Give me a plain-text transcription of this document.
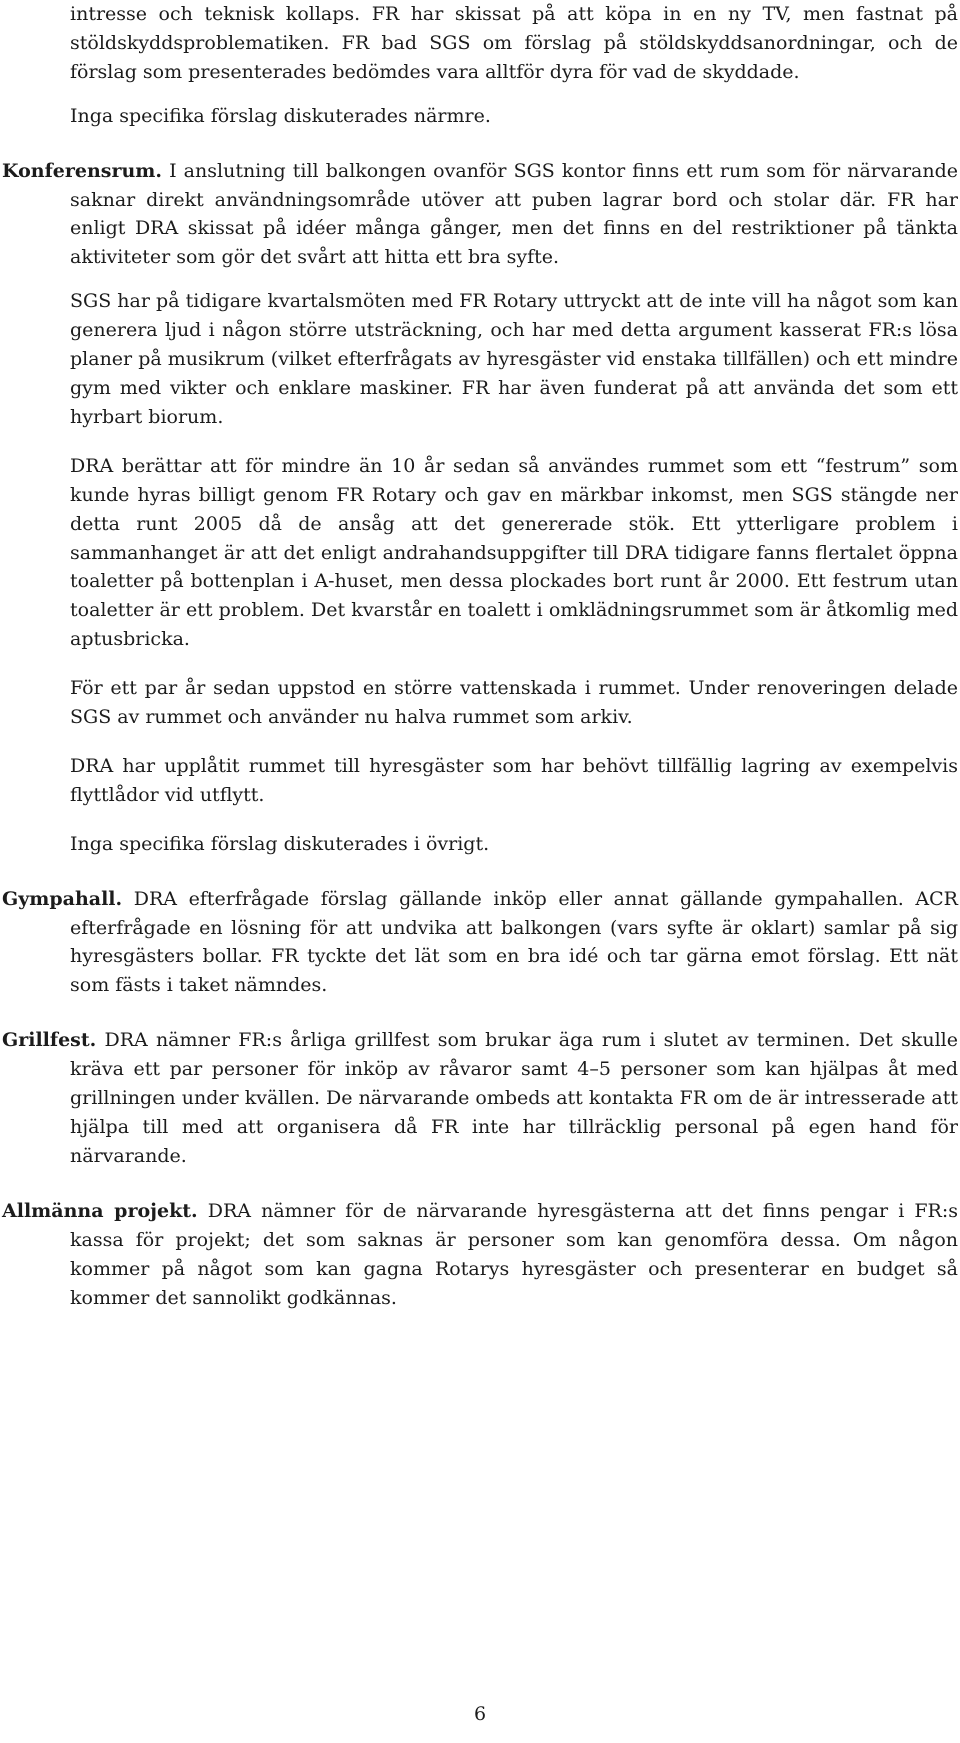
intresse och teknisk kollaps. FR har skissat på att köpa in en ny TV, men fastnat på stöldskyddsproblematiken. FR bad SGS om förslag på stöldskyddsanordningar, och de förslag som presenterades bedömdes vara alltför dyra för vad de skyddade.

Inga specifika förslag diskuterades närmre.

Konferensrum. I anslutning till balkongen ovanför SGS kontor finns ett rum som för närvarande saknar direkt användningsområde utöver att puben lagrar bord och stolar där. FR har enligt DRA skissat på idéer många gånger, men det finns en del restriktioner på tänkta aktiviteter som gör det svårt att hitta ett bra syfte.

SGS har på tidigare kvartalsmöten med FR Rotary uttryckt att de inte vill ha något som kan generera ljud i någon större utsträckning, och har med detta argument kasserat FR:s lösa planer på musikrum (vilket efterfrågats av hyresgäster vid enstaka tillfällen) och ett mindre gym med vikter och enklare maskiner. FR har även funderat på att använda det som ett hyrbart biorum.

DRA berättar att för mindre än 10 år sedan så användes rummet som ett “festrum” som kunde hyras billigt genom FR Rotary och gav en märkbar inkomst, men SGS stängde ner detta runt 2005 då de ansåg att det genererade stök. Ett ytterligare problem i sammanhanget är att det enligt andrahandsuppgifter till DRA tidigare fanns flertalet öppna toaletter på bottenplan i A-huset, men dessa plockades bort runt år 2000. Ett festrum utan toaletter är ett problem. Det kvarstår en toalett i omklädningsrummet som är åtkomlig med aptusbricka.

För ett par år sedan uppstod en större vattenskada i rummet. Under renoveringen delade SGS av rummet och använder nu halva rummet som arkiv.

DRA har upplåtit rummet till hyresgäster som har behövt tillfällig lagring av exempelvis flyttlådor vid utflytt.

Inga specifika förslag diskuterades i övrigt.

Gympahall. DRA efterfrågade förslag gällande inköp eller annat gällande gympahallen. ACR efterfrågade en lösning för att undvika att balkongen (vars syfte är oklart) samlar på sig hyresgästers bollar. FR tyckte det lät som en bra idé och tar gärna emot förslag. Ett nät som fästs i taket nämndes.

Grillfest. DRA nämner FR:s årliga grillfest som brukar äga rum i slutet av terminen. Det skulle kräva ett par personer för inköp av råvaror samt 4–5 personer som kan hjälpas åt med grillningen under kvällen. De närvarande ombeds att kontakta FR om de är intresserade att hjälpa till med att organisera då FR inte har tillräcklig personal på egen hand för närvarande.

Allmänna projekt. DRA nämner för de närvarande hyresgästerna att det finns pengar i FR:s kassa för projekt; det som saknas är personer som kan genomföra dessa. Om någon kommer på något som kan gagna Rotarys hyresgäster och presenterar en budget så kommer det sannolikt godkännas.

6
